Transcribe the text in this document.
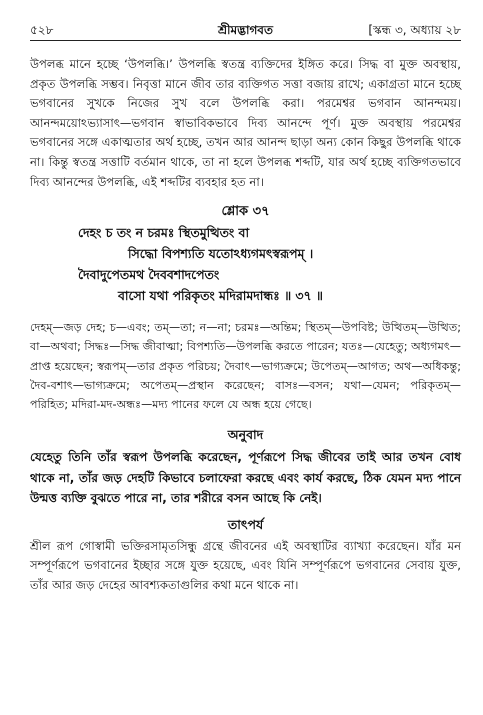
৫২৮	শ্রীমদ্ভাগবত	[স্কন্ধ ৩, অধ্যায় ২৮

উপলব্ধ মানে হচ্ছে ‘উপলব্ধি।’ উপলব্ধি স্বতন্ত্র ব্যক্তিদের ইঙ্গিত করে। সিদ্ধ বা মুক্ত অবস্থায়, প্রকৃত উপলব্ধি সম্ভব। নিবৃত্তা মানে জীব তার ব্যক্তিগত সত্তা বজায় রাখে; একাগ্রতা মানে হচ্ছে ভগবানের সুখকে নিজের সুখ বলে উপলব্ধি করা। পরমেশ্বর ভগবান আনন্দময়। আনন্দময়োঽভ্যাসাৎ—ভগবান স্বাভাবিকভাবে দিব্য আনন্দে পূর্ণ। মুক্ত অবস্থায় পরমেশ্বর ভগবানের সঙ্গে একাত্মতার অর্থ হচ্ছে, তখন আর আনন্দ ছাড়া অন্য কোন কিছুর উপলব্ধি থাকে না। কিন্তু স্বতন্ত্র সত্তাটি বর্তমান থাকে, তা না হলে উপলব্ধ শব্দটি, যার অর্থ হচ্ছে ব্যক্তিগতভাবে দিব্য আনন্দের উপলব্ধি, এই শব্দটির ব্যবহার হত না।

শ্লোক ৩৭

দেহং চ তং ন চরমঃ স্থিতমুত্থিতং বা

সিদ্ধো বিপশ্যতি যতোঽধ্যগমৎস্বরূপম্ ।

দৈবাদুপেতমথ দৈববশাদপেতং

বাসো যথা পরিকৃতং মদিরামদান্ধঃ ॥ ৩৭ ॥

দেহম্—জড় দেহ; চ—এবং; তম্—তা; ন—না; চরমঃ—অন্তিম; স্থিতম্—উপবিষ্ট; উত্থিতম্—উত্থিত; বা—অথবা; সিদ্ধঃ—সিদ্ধ জীবাত্মা; বিপশ্যতি—উপলব্ধি করতে পারেন; যতঃ—যেহেতু; অধ্যগমৎ—প্রাপ্ত হয়েছেন; স্বরূপম্—তার প্রকৃত পরিচয়; দৈবাৎ—ভাগ্যক্রমে; উপেতম্—আগত; অথ—অধিকন্তু; দৈব-বশাৎ—ভাগ্যক্রমে; অপেতম্—প্রস্থান করেছেন; বাসঃ—বসন; যথা—যেমন; পরিকৃতম্—পরিহিত; মদিরা-মদ-অন্ধঃ—মদ্য পানের ফলে যে অন্ধ হয়ে গেছে।

অনুবাদ

যেহেতু তিনি তাঁর স্বরূপ উপলব্ধি করেছেন, পূর্ণরূপে সিদ্ধ জীবের তাই আর তখন বোধ থাকে না, তাঁর জড় দেহটি কিভাবে চলাফেরা করছে এবং কার্য করছে, ঠিক যেমন মদ্য পানে উন্মত্ত ব্যক্তি বুঝতে পারে না, তার শরীরে বসন আছে কি নেই।

তাৎপর্য

শ্রীল রূপ গোস্বামী ভক্তিরসামৃতসিন্ধু গ্রন্থে জীবনের এই অবস্থাটির ব্যাখ্যা করেছেন। যাঁর মন সম্পূর্ণরূপে ভগবানের ইচ্ছার সঙ্গে যুক্ত হয়েছে, এবং যিনি সম্পূর্ণরূপে ভগবানের সেবায় যুক্ত, তাঁর আর জড় দেহের আবশ্যকতাগুলির কথা মনে থাকে না।
